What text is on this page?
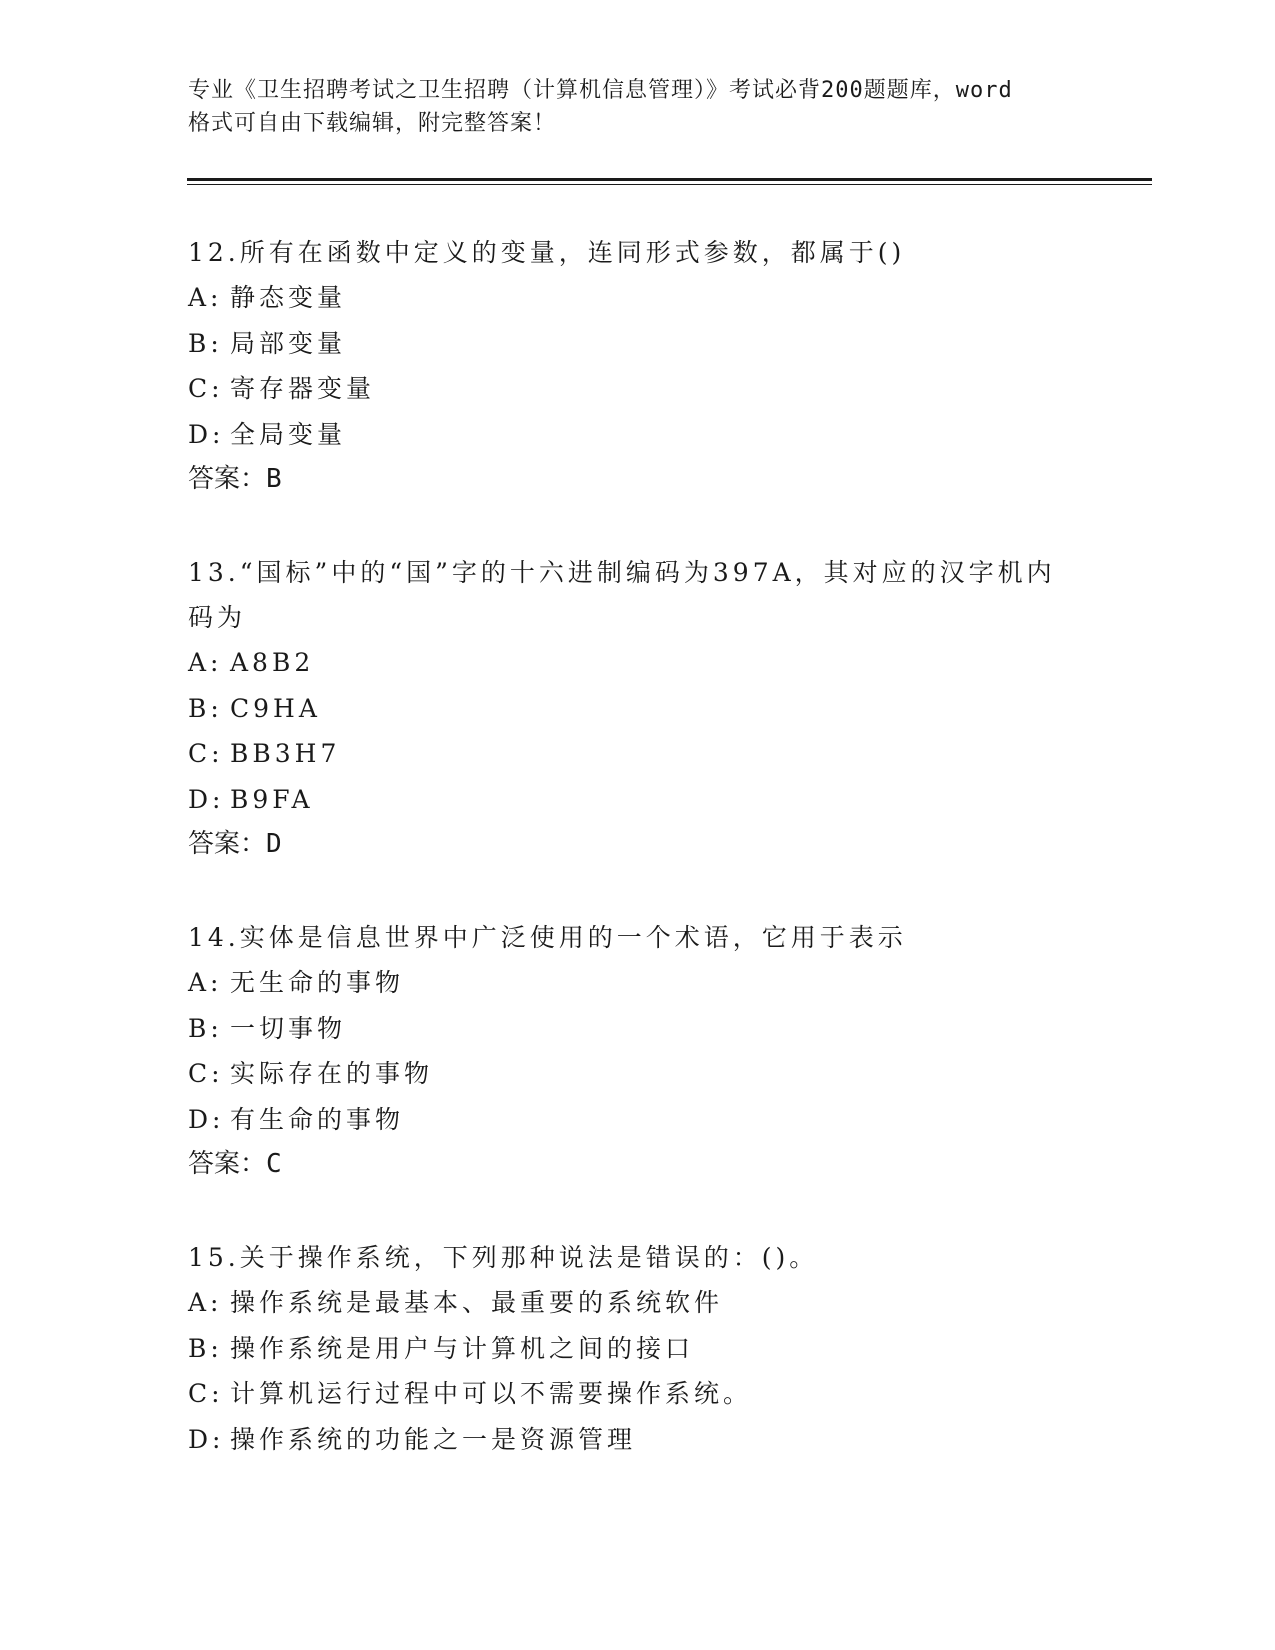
专业《卫生招聘考试之卫生招聘（计算机信息管理）》考试必背200题题库，word
格式可自由下载编辑，附完整答案！

12.所有在函数中定义的变量，连同形式参数，都属于()

A: 静态变量

B: 局部变量

C: 寄存器变量

D: 全局变量

答案：B

13.“国标”中的“国”字的十六进制编码为397A，其对应的汉字机内

码为

A: A8B2

B: C9HA

C: BB3H7

D: B9FA

答案：D

14.实体是信息世界中广泛使用的一个术语，它用于表示

A: 无生命的事物

B: 一切事物

C: 实际存在的事物

D: 有生命的事物

答案：C

15.关于操作系统，下列那种说法是错误的：()。

A: 操作系统是最基本、最重要的系统软件

B: 操作系统是用户与计算机之间的接口

C: 计算机运行过程中可以不需要操作系统。

D: 操作系统的功能之一是资源管理
